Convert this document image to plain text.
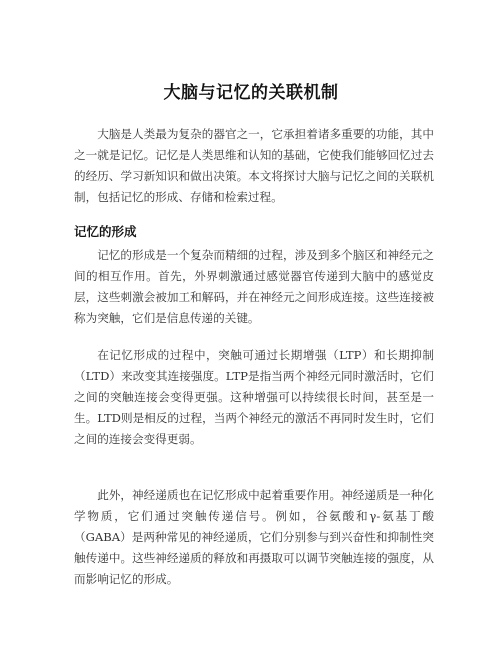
大脑与记忆的关联机制

大脑是人类最为复杂的器官之一，它承担着诸多重要的功能，其中之一就是记忆。记忆是人类思维和认知的基础，它使我们能够回忆过去的经历、学习新知识和做出决策。本文将探讨大脑与记忆之间的关联机制，包括记忆的形成、存储和检索过程。

记忆的形成

记忆的形成是一个复杂而精细的过程，涉及到多个脑区和神经元之间的相互作用。首先，外界刺激通过感觉器官传递到大脑中的感觉皮层，这些刺激会被加工和解码，并在神经元之间形成连接。这些连接被称为突触，它们是信息传递的关键。

在记忆形成的过程中，突触可通过长期增强（LTP）和长期抑制（LTD）来改变其连接强度。LTP是指当两个神经元同时激活时，它们之间的突触连接会变得更强。这种增强可以持续很长时间，甚至是一生。LTD则是相反的过程，当两个神经元的激活不再同时发生时，它们之间的连接会变得更弱。

此外，神经递质也在记忆形成中起着重要作用。神经递质是一种化学物质，它们通过突触传递信号。例如，谷氨酸和γ-氨基丁酸（GABA）是两种常见的神经递质，它们分别参与到兴奋性和抑制性突触传递中。这些神经递质的释放和再摄取可以调节突触连接的强度，从而影响记忆的形成。
